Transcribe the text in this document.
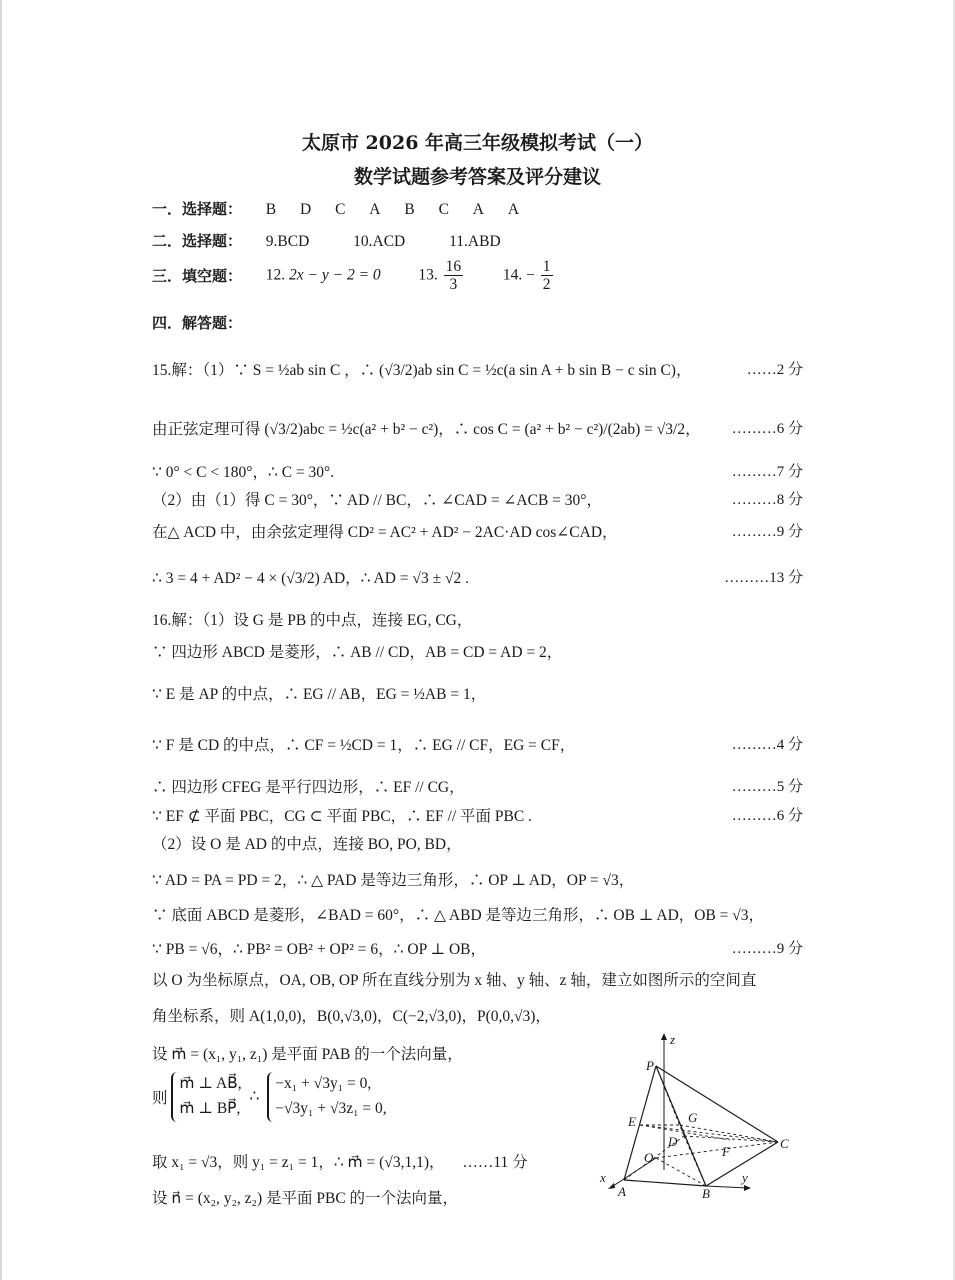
太原市 2026 年高三年级模拟考试（一）
数学试题参考答案及评分建议
一．选择题： B D C A B C A A
二．选择题： 9.BCD	10.ACD	11.ABD
三．填空题： 12. 2x − y − 2 = 0 13. $\frac{16}{3}$	14. − $\frac{1}{2}$
四．解答题：
15.解：（1）∵ S = ½ab sin C ，∴ (√3/2)ab sin C = ½c(a sin A + b sin B − c sin C)，	……2 分
由正弦定理可得 (√3/2)abc = ½c(a² + b² − c²)，∴ cos C = (a² + b² − c²)/(2ab) = √3/2， ………6 分
∵ 0° < C < 180°，∴ C = 30°.	………7 分
（2）由（1）得 C = 30°，∵ AD // BC，∴ ∠CAD = ∠ACB = 30°，	………8 分
在△ ACD 中，由余弦定理得 CD² = AC² + AD² − 2AC·AD cos∠CAD，	………9 分
∴ 3 = 4 + AD² − 4 × (√3/2) AD，∴ AD = √3 ± √2 .	………13 分
16.解：（1）设 G 是 PB 的中点，连接 EG, CG，
∵ 四边形 ABCD 是菱形，∴ AB // CD，AB = CD = AD = 2，
∵ E 是 AP 的中点，∴ EG // AB，EG = ½AB = 1，
∵ F 是 CD 的中点，∴ CF = ½CD = 1，∴ EG // CF，EG = CF，	………4 分
∴ 四边形 CFEG 是平行四边形，∴ EF // CG，	………5 分
∵ EF ⊄ 平面 PBC，CG ⊂ 平面 PBC，∴ EF // 平面 PBC .	………6 分
（2）设 O 是 AD 的中点，连接 BO, PO, BD，
∵ AD = PA = PD = 2，∴ △ PAD 是等边三角形，∴ OP ⊥ AD，OP = √3，
∵ 底面 ABCD 是菱形，∠BAD = 60°，∴ △ ABD 是等边三角形，∴ OB ⊥ AD，OB = √3，
∵ PB = √6，∴ PB² = OB² + OP² = 6，∴ OP ⊥ OB，	………9 分
以 O 为坐标原点，OA, OB, OP 所在直线分别为 x 轴、y 轴、z 轴，建立如图所示的空间直
角坐标系，则 A(1,0,0)，B(0,√3,0)，C(−2,√3,0)，P(0,0,√3)，
设 m⃗ = (x₁, y₁, z₁) 是平面 PAB 的一个法向量，
则
m⃗ ⊥ AB⃗,
m⃗ ⊥ BP⃗,
∴
−x₁ + √3y₁ = 0,
−√3y₁ + √3z₁ = 0,
取 x₁ = √3，则 y₁ = z₁ = 1，∴ m⃗ = (√3,1,1)， ……11 分
设 n⃗ = (x₂, y₂, z₂) 是平面 PBC 的一个法向量，
P
z
E	G
D	C
O	F
x
A	B
y
